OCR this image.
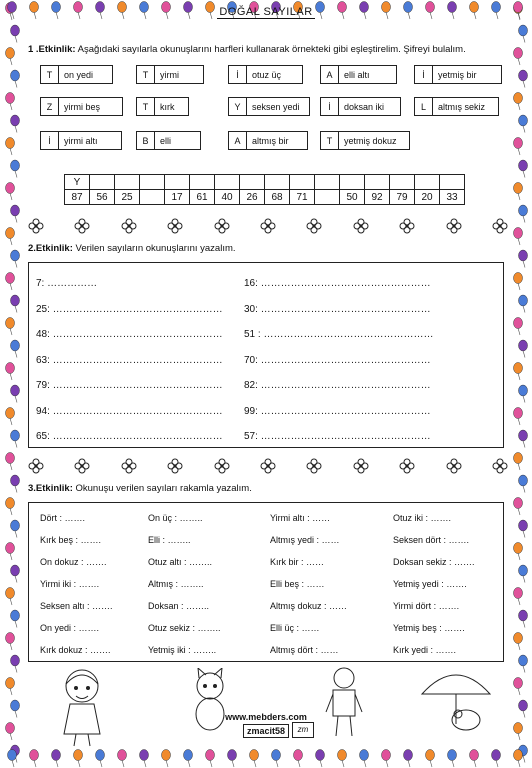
DOĞAL SAYILAR
1 .Etkinlik: Aşağıdaki sayılarla okunuşlarını harfleri kullanarak örnekteki gibi eşleştirelim. Şifreyi bulalım.
T	on yedi	T	yirmi	İ	otuz üç	A	elli altı	İ	yetmiş bir
Z	yirmi beş	T	kırk	Y	seksen yedi	İ	doksan iki	L	altmış sekiz
İ	yirmi altı	B	elli	A	altmış bir	T	yetmiş dokuz
Y															
87	56	25		17	61	40	26	68	71		50	92	79	20	33
2.Etkinlik: Verilen sayıların okunuşlarını yazalım.
7: ……………	16: ……………………………………………
25: …………………………………………… 30: ……………………………………………
48: …………………………………………… 51 : ……………………………………………
63: …………………………………………… 70: ……………………………………………
79: …………………………………………… 82: ……………………………………………
94: …………………………………………… 99: ……………………………………………
65: …………………………………………… 57: ……………………………………………
3.Etkinlik: Okunuşu verilen sayıları rakamla yazalım.
Dört : …….	On üç : ……..	Yirmi altı : ……	Otuz iki : …….
Kırk beş : …….	Elli : ……..	Altmış yedi : ……	Seksen dört : …….
On dokuz : …….	Otuz altı : ……..	Kırk bir : ……	Doksan sekiz : …….
Yirmi iki : …….	Altmış : ……..	Elli beş : ……	Yetmiş yedi : …….
Seksen altı : …….	Doksan : ……..	Altmış dokuz : ……	Yirmi dört : …….
On yedi : …….	Otuz sekiz : ……..	Elli üç : ……	Yetmiş beş : …….
Kırk dokuz : …….	Yetmiş iki : ……..	Altmış dört : ……	Kırk yedi : …….
www.mebders.com
zmacit58	zm
